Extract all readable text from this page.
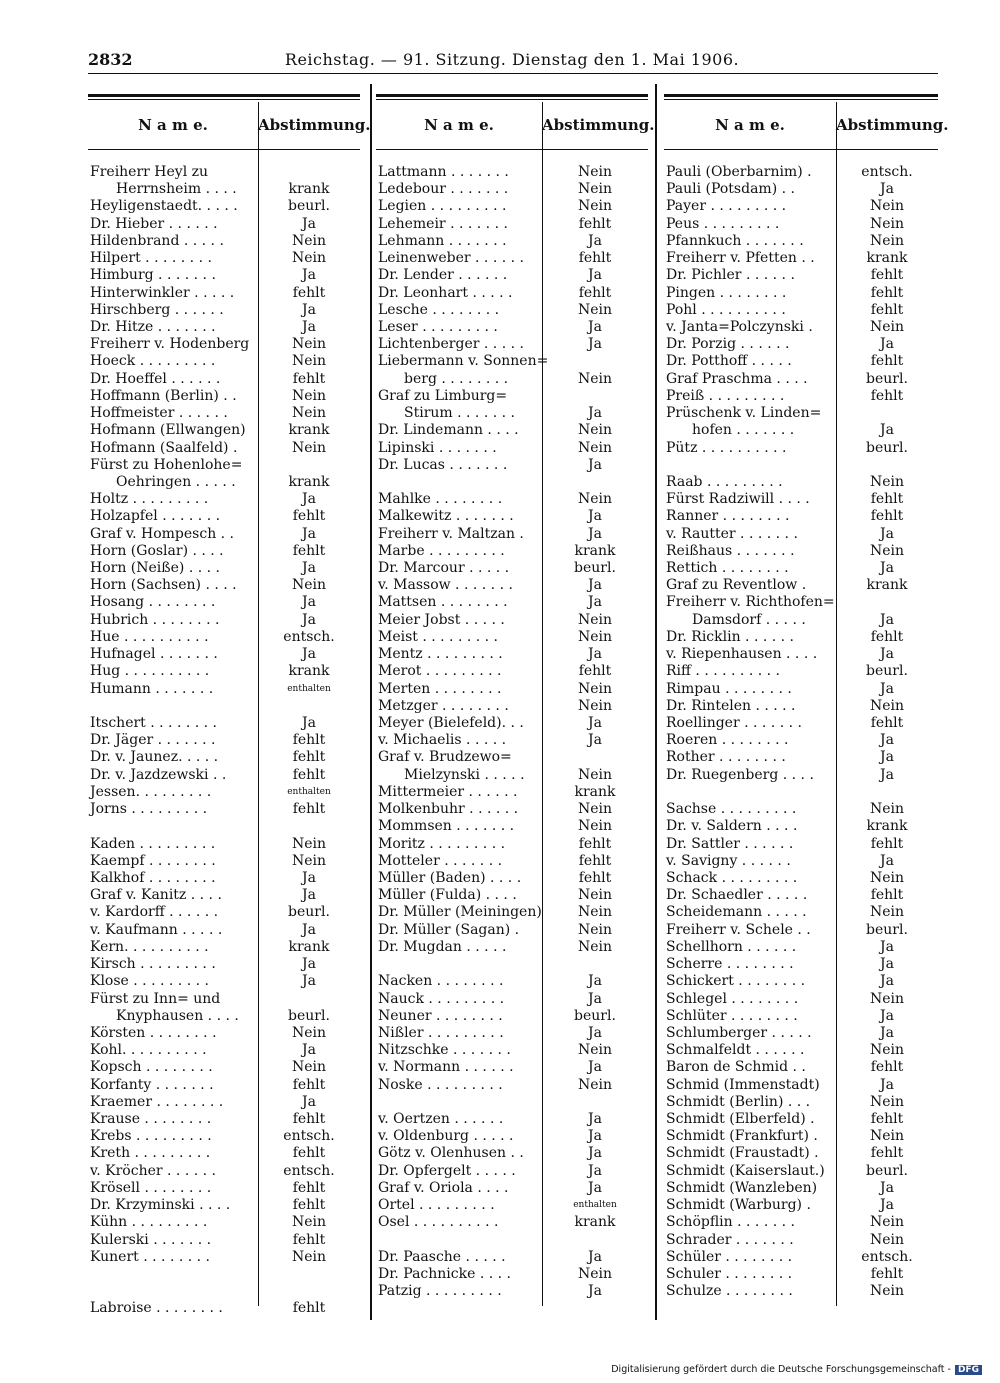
2832	Reichstag. — 91. Sitzung. Dienstag den 1. Mai 1906.
N a m e.	Abstimmung.
Freiherr Heyl zu
Herrnsheim . . . .	krank
Heyligenstaedt. . . . .	beurl.
Dr. Hieber . . . . . .	Ja
Hildenbrand . . . . .	Nein
Hilpert . . . . . . . .	Nein
Himburg . . . . . . .	Ja
Hinterwinkler . . . . .	fehlt
Hirschberg . . . . . .	Ja
Dr. Hitze . . . . . . .	Ja
Freiherr v. Hodenberg	Nein
Hoeck . . . . . . . . .	Nein
Dr. Hoeffel . . . . . .	fehlt
Hoffmann (Berlin) . .	Nein
Hoffmeister . . . . . .	Nein
Hofmann (Ellwangen)	krank
Hofmann (Saalfeld) .	Nein
Fürst zu Hohenlohe=
Oehringen . . . . .	krank
Holtz . . . . . . . . .	Ja
Holzapfel . . . . . . .	fehlt
Graf v. Hompesch . .	Ja
Horn (Goslar) . . . .	fehlt
Horn (Neiße) . . . .	Ja
Horn (Sachsen) . . . .	Nein
Hosang . . . . . . . .	Ja
Hubrich . . . . . . . .	Ja
Hue . . . . . . . . . .	entsch.
Hufnagel . . . . . . .	Ja
Hug . . . . . . . . . .	krank
Humann . . . . . . .	enthalten
Itschert . . . . . . . .	Ja
Dr. Jäger . . . . . . .	fehlt
Dr. v. Jaunez. . . . .	fehlt
Dr. v. Jazdzewski . .	fehlt
Jessen. . . . . . . . .	enthalten
Jorns . . . . . . . . .	fehlt
Kaden . . . . . . . . .	Nein
Kaempf . . . . . . . .	Nein
Kalkhof . . . . . . . .	Ja
Graf v. Kanitz . . . .	Ja
v. Kardorff . . . . . .	beurl.
v. Kaufmann . . . . .	Ja
Kern. . . . . . . . . .	krank
Kirsch . . . . . . . . .	Ja
Klose . . . . . . . . .	Ja
Fürst zu Inn= und
Knyphausen . . . .	beurl.
Körsten . . . . . . . .	Nein
Kohl. . . . . . . . . .	Ja
Kopsch . . . . . . . .	Nein
Korfanty . . . . . . .	fehlt
Kraemer . . . . . . . .	Ja
Krause . . . . . . . .	fehlt
Krebs . . . . . . . . .	entsch.
Kreth . . . . . . . . .	fehlt
v. Kröcher . . . . . .	entsch.
Krösell . . . . . . . .	fehlt
Dr. Krzyminski . . . .	fehlt
Kühn . . . . . . . . .	Nein
Kulerski . . . . . . .	fehlt
Kunert . . . . . . . .	Nein
Labroise . . . . . . . .	fehlt
N a m e.	Abstimmung.
Lattmann . . . . . . .	Nein
Ledebour . . . . . . .	Nein
Legien . . . . . . . . .	Nein
Lehemeir . . . . . . .	fehlt
Lehmann . . . . . . .	Ja
Leinenweber . . . . . .	fehlt
Dr. Lender . . . . . .	Ja
Dr. Leonhart . . . . .	fehlt
Lesche . . . . . . . .	Nein
Leser . . . . . . . . .	Ja
Lichtenberger . . . . .	Ja
Liebermann v. Sonnen=
berg . . . . . . . .	Nein
Graf zu Limburg=
Stirum . . . . . . .	Ja
Dr. Lindemann . . . .	Nein
Lipinski . . . . . . .	Nein
Dr. Lucas . . . . . . .	Ja
Mahlke . . . . . . . .	Nein
Malkewitz . . . . . . .	Ja
Freiherr v. Maltzan .	Ja
Marbe . . . . . . . . .	krank
Dr. Marcour . . . . .	beurl.
v. Massow . . . . . . .	Ja
Mattsen . . . . . . . .	Ja
Meier Jobst . . . . .	Nein
Meist . . . . . . . . .	Nein
Mentz . . . . . . . . .	Ja
Merot . . . . . . . . .	fehlt
Merten . . . . . . . .	Nein
Metzger . . . . . . . .	Nein
Meyer (Bielefeld). . .	Ja
v. Michaelis . . . . .	Ja
Graf v. Brudzewo=
Mielzynski . . . . .	Nein
Mittermeier . . . . . .	krank
Molkenbuhr . . . . . .	Nein
Mommsen . . . . . . .	Nein
Moritz . . . . . . . . .	fehlt
Motteler . . . . . . .	fehlt
Müller (Baden) . . . .	fehlt
Müller (Fulda) . . . .	Nein
Dr. Müller (Meiningen)	Nein
Dr. Müller (Sagan) .	Nein
Dr. Mugdan . . . . .	Nein
Nacken . . . . . . . .	Ja
Nauck . . . . . . . . .	Ja
Neuner . . . . . . . .	beurl.
Nißler . . . . . . . . .	Ja
Nitzschke . . . . . . .	Nein
v. Normann . . . . . .	Ja
Noske . . . . . . . . .	Nein
v. Oertzen . . . . . .	Ja
v. Oldenburg . . . . .	Ja
Götz v. Olenhusen . .	Ja
Dr. Opfergelt . . . . .	Ja
Graf v. Oriola . . . .	Ja
Ortel . . . . . . . . .	enthalten
Osel . . . . . . . . . .	krank
Dr. Paasche . . . . .	Ja
Dr. Pachnicke . . . .	Nein
Patzig . . . . . . . . .	Ja
N a m e.	Abstimmung.
Pauli (Oberbarnim) .	entsch.
Pauli (Potsdam) . .	Ja
Payer . . . . . . . . .	Nein
Peus . . . . . . . . .	Nein
Pfannkuch . . . . . . .	Nein
Freiherr v. Pfetten . .	krank
Dr. Pichler . . . . . .	fehlt
Pingen . . . . . . . .	fehlt
Pohl . . . . . . . . . .	fehlt
v. Janta=Polczynski .	Nein
Dr. Porzig . . . . . .	Ja
Dr. Potthoff . . . . .	fehlt
Graf Praschma . . . .	beurl.
Preiß . . . . . . . . .	fehlt
Prüschenk v. Linden=
hofen . . . . . . .	Ja
Pütz . . . . . . . . . .	beurl.
Raab . . . . . . . . .	Nein
Fürst Radziwill . . . .	fehlt
Ranner . . . . . . . .	fehlt
v. Rautter . . . . . . .	Ja
Reißhaus . . . . . . .	Nein
Rettich . . . . . . . .	Ja
Graf zu Reventlow .	krank
Freiherr v. Richthofen=
Damsdorf . . . . .	Ja
Dr. Ricklin . . . . . .	fehlt
v. Riepenhausen . . . .	Ja
Riff . . . . . . . . . .	beurl.
Rimpau . . . . . . . .	Ja
Dr. Rintelen . . . . .	Nein
Roellinger . . . . . . .	fehlt
Roeren . . . . . . . .	Ja
Rother . . . . . . . .	Ja
Dr. Ruegenberg . . . .	Ja
Sachse . . . . . . . . .	Nein
Dr. v. Saldern . . . .	krank
Dr. Sattler . . . . . .	fehlt
v. Savigny . . . . . .	Ja
Schack . . . . . . . . .	Nein
Dr. Schaedler . . . . .	fehlt
Scheidemann . . . . .	Nein
Freiherr v. Schele . .	beurl.
Schellhorn . . . . . .	Ja
Scherre . . . . . . . .	Ja
Schickert . . . . . . . .	Ja
Schlegel . . . . . . . .	Nein
Schlüter . . . . . . . .	Ja
Schlumberger . . . . .	Ja
Schmalfeldt . . . . . .	Nein
Baron de Schmid . .	fehlt
Schmid (Immenstadt)	Ja
Schmidt (Berlin) . . .	Nein
Schmidt (Elberfeld) .	fehlt
Schmidt (Frankfurt) .	Nein
Schmidt (Fraustadt) .	fehlt
Schmidt (Kaiserslaut.)	beurl.
Schmidt (Wanzleben)	Ja
Schmidt (Warburg) .	Ja
Schöpflin . . . . . . .	Nein
Schrader . . . . . . .	Nein
Schüler . . . . . . . .	entsch.
Schuler . . . . . . . .	fehlt
Schulze . . . . . . . .	Nein
Digitalisierung gefördert durch die Deutsche Forschungsgemeinschaft - DFG
